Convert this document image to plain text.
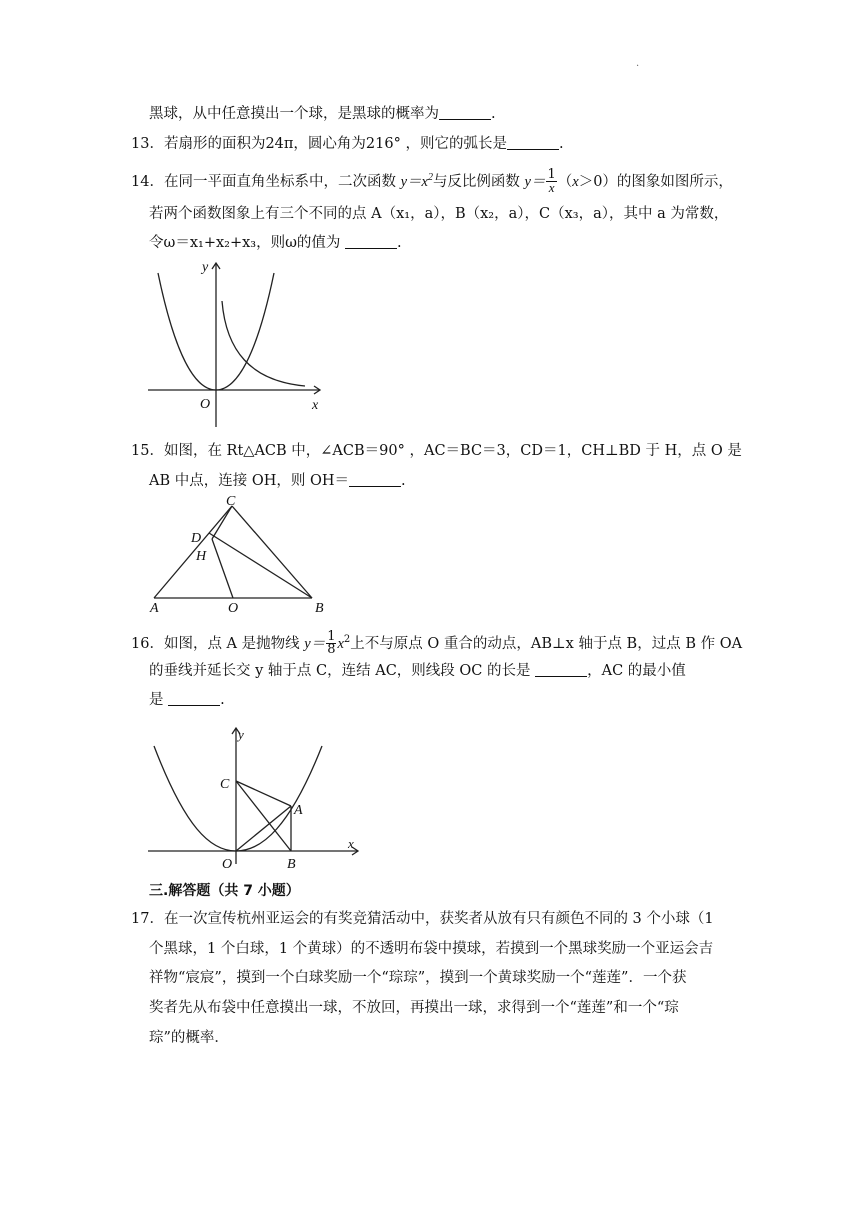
.
黑球，从中任意摸出一个球，是黑球的概率为	.
13．若扇形的面积为24π，圆心角为216° ，则它的弧长是	.
14．在同一平面直角坐标系中，二次函数 $y=x^2$与反比例函数 $y= \frac{1}{x} (x>0)$的图象如图所示，
若两个函数图象上有三个不同的点 A（x₁，a），B（x₂，a），C（x₃，a），其中 a 为常数，
令ω＝x₁+x₂+x₃，则ω的值为	.
y
x
O
15．如图，在 Rt△ACB 中，∠ACB＝90° ，AC＝BC＝3，CD＝1，CH⊥BD 于 H，点 O 是
AB 中点，连接 OH，则 OH＝	.
C
D
H
A	O	B
16．如图，点 A 是抛物线 $y= \frac{1}{8} x^2$上不与原点 O 重合的动点，AB⊥x 轴于点 B，过点 B 作 OA
的垂线并延长交 y 轴于点 C，连结 AC，则线段 OC 的长是	，AC 的最小值
是	.
y
x
C
A
O	B
三.解答题（共 7 小题）
17．在一次宣传杭州亚运会的有奖竞猜活动中，获奖者从放有只有颜色不同的 3 个小球（1
个黑球，1 个白球，1 个黄球）的不透明布袋中摸球，若摸到一个黑球奖励一个亚运会吉
祥物“宸宸”，摸到一个白球奖励一个“琮琮”，摸到一个黄球奖励一个“莲莲”．一个获
奖者先从布袋中任意摸出一球，不放回，再摸出一球，求得到一个“莲莲”和一个“琮
琮”的概率．
